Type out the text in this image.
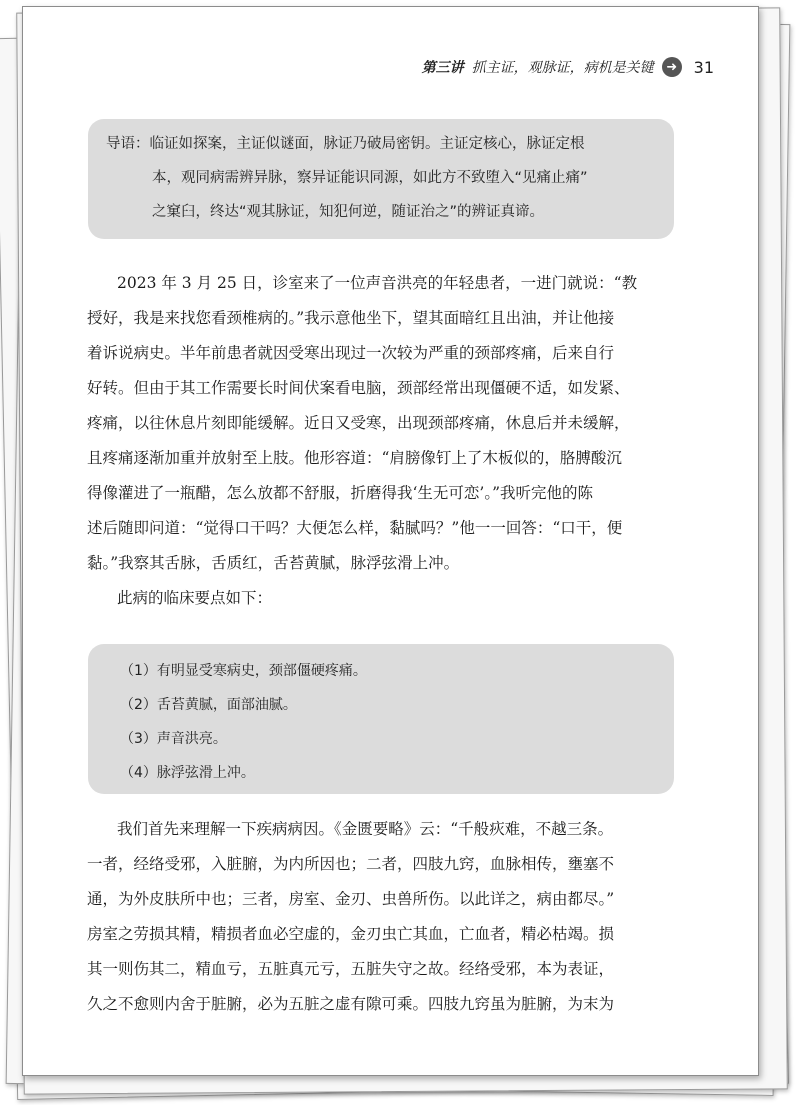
第三讲 抓主证，观脉证，病机是关键 ➜ 31
导语：临证如探案，主证似谜面，脉证乃破局密钥。主证定核心，脉证定根
本，观同病需辨异脉，察异证能识同源，如此方不致堕入“见痛止痛”
之窠臼，终达“观其脉证，知犯何逆，随证治之”的辨证真谛。
2023 年 3 月 25 日，诊室来了一位声音洪亮的年轻患者，一进门就说：“教
授好，我是来找您看颈椎病的。”我示意他坐下，望其面暗红且出油，并让他接
着诉说病史。半年前患者就因受寒出现过一次较为严重的颈部疼痛，后来自行
好转。但由于其工作需要长时间伏案看电脑，颈部经常出现僵硬不适，如发紧、
疼痛，以往休息片刻即能缓解。近日又受寒，出现颈部疼痛，休息后并未缓解，
且疼痛逐渐加重并放射至上肢。他形容道：“肩膀像钉上了木板似的，胳膊酸沉
得像灌进了一瓶醋，怎么放都不舒服，折磨得我‘生无可恋’。”我听完他的陈
述后随即问道：“觉得口干吗？大便怎么样，黏腻吗？”他一一回答：“口干，便
黏。”我察其舌脉，舌质红，舌苔黄腻，脉浮弦滑上冲。
此病的临床要点如下：
（1）有明显受寒病史，颈部僵硬疼痛。
（2）舌苔黄腻，面部油腻。
（3）声音洪亮。
（4）脉浮弦滑上冲。
我们首先来理解一下疾病病因。《金匮要略》云：“千般疢难，不越三条。
一者，经络受邪，入脏腑，为内所因也；二者，四肢九窍，血脉相传，壅塞不
通，为外皮肤所中也；三者，房室、金刃、虫兽所伤。以此详之，病由都尽。”
房室之劳损其精，精损者血必空虚的，金刃虫亡其血，亡血者，精必枯竭。损
其一则伤其二，精血亏，五脏真元亏，五脏失守之故。经络受邪，本为表证，
久之不愈则内舍于脏腑，必为五脏之虚有隙可乘。四肢九窍虽为脏腑，为末为
